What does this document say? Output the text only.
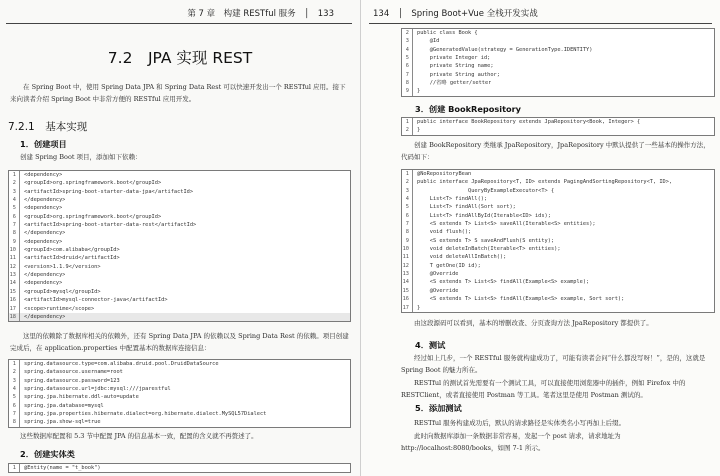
第 7 章　构建 RESTful 服务　│　133
7.2　JPA 实现 REST
在 Spring Boot 中，使用 Spring Data JPA 和 Spring Data Rest 可以快速开发出一个 RESTful 应用。接下来向读者介绍 Spring Boot 中非常方便的 RESTful 应用开发。
7.2.1　基本实现
1．创建项目
创建 Spring Boot 项目，添加如下依赖：
1	<dependency>
2	<groupId>org.springframework.boot</groupId>
3	<artifactId>spring-boot-starter-data-jpa</artifactId>
4	</dependency>
5	<dependency>
6	<groupId>org.springframework.boot</groupId>
7	<artifactId>spring-boot-starter-data-rest</artifactId>
8	</dependency>
9	<dependency>
10	<groupId>com.alibaba</groupId>
11	<artifactId>druid</artifactId>
12	<version>1.1.9</version>
13	</dependency>
14	<dependency>
15	<groupId>mysql</groupId>
16	<artifactId>mysql-connector-java</artifactId>
17	<scope>runtime</scope>
18	</dependency>
这里的依赖除了数据库相关的依赖外，还有 Spring Data JPA 的依赖以及 Spring Data Rest 的依赖。项目创建完成后，在 application.properties 中配置基本的数据库连接信息：
1	spring.datasource.type=com.alibaba.druid.pool.DruidDataSource
2	spring.datasource.username=root
3	spring.datasource.password=123
4	spring.datasource.url=jdbc:mysql:///jparestful
5	spring.jpa.hibernate.ddl-auto=update
6	spring.jpa.database=mysql
7	spring.jpa.properties.hibernate.dialect=org.hibernate.dialect.MySQL57Dialect
8	spring.jpa.show-sql=true
这些数据库配置和 5.3 节中配置 JPA 的信息基本一致，配置的含义就不再赘述了。
2．创建实体类
1	@Entity(name = "t_book")
134　│　Spring Boot+Vue 全栈开发实战
2	public class Book {
3	@Id
4	@GeneratedValue(strategy = GenerationType.IDENTITY)
5	private Integer id;
6	private String name;
7	private String author;
8	//省略 getter/setter
9	}
3．创建 BookRepository
1	public interface BookRepository extends JpaRepository<Book, Integer> {
2	}
创建 BookRepository 类继承 JpaRepository，JpaRepository 中默认提供了一些基本的操作方法，代码如下：
1	@NoRepositoryBean
2	public interface JpaRepository<T, ID> extends PagingAndSortingRepository<T, ID>,
3	QueryByExampleExecutor<T> {
4	List<T> findAll();
5	List<T> findAll(Sort sort);
6	List<T> findAllById(Iterable<ID> ids);
7	<S extends T> List<S> saveAll(Iterable<S> entities);
8	void flush();
9	<S extends T> S saveAndFlush(S entity);
10	void deleteInBatch(Iterable<T> entities);
11	void deleteAllInBatch();
12	T getOne(ID id);
13	@Override
14	<S extends T> List<S> findAll(Example<S> example);
15	@Override
16	<S extends T> List<S> findAll(Example<S> example, Sort sort);
17	}
由这段源码可以看到，基本的增删改查、分页查询方法 JpaRepository 都提供了。
4．测试
经过如上几步，一个 RESTful 服务就构建成功了，可能有读者会问“什么都没写呀！”，是的，这就是 Spring Boot 的魅力所在。
RESTful 的测试首先需要有一个测试工具，可以直接使用浏览器中的插件，例如 Firefox 中的 RESTClient，或者直接使用 Postman 等工具。笔者这里是使用 Postman 测试的。
5．添加测试
RESTful 服务构建成功后，默认的请求路径是实体类名小写再加上后缀。
此时向数据库添加一条数据非常容易，发起一个 post 请求，请求地址为 http://localhost:8080/books，如图 7-1 所示。
